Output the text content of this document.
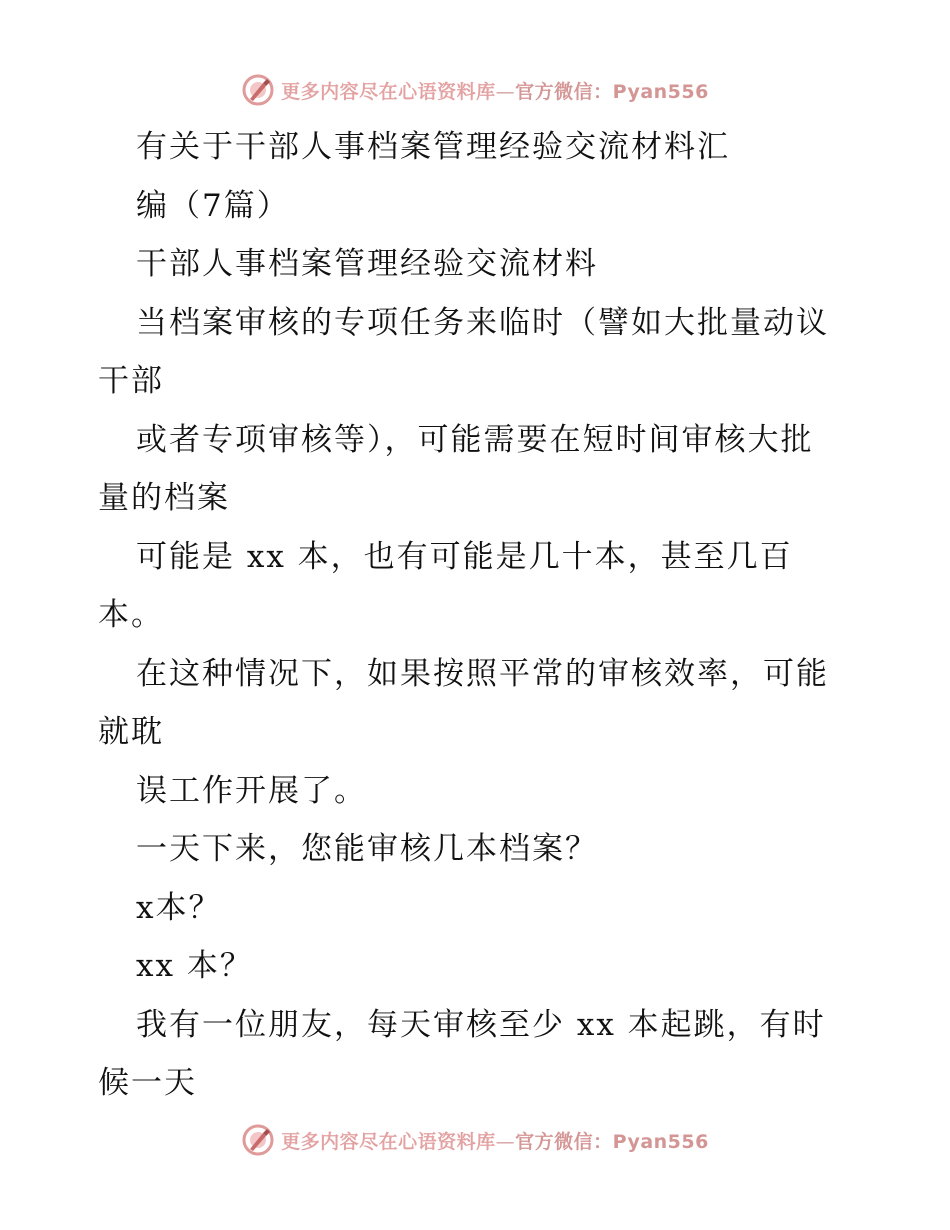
更多内容尽在心语资料库—官方微信：Pyan556
有关于干部人事档案管理经验交流材料汇
编（7篇）
干部人事档案管理经验交流材料
当档案审核的专项任务来临时（譬如大批量动议
干部
或者专项审核等），可能需要在短时间审核大批
量的档案
可能是 xx 本，也有可能是几十本，甚至几百
本。
在这种情况下，如果按照平常的审核效率，可能
就耽
误工作开展了。
一天下来，您能审核几本档案？
x本？
xx 本？
我有一位朋友，每天审核至少 xx 本起跳，有时
候一天
更多内容尽在心语资料库—官方微信：Pyan556
